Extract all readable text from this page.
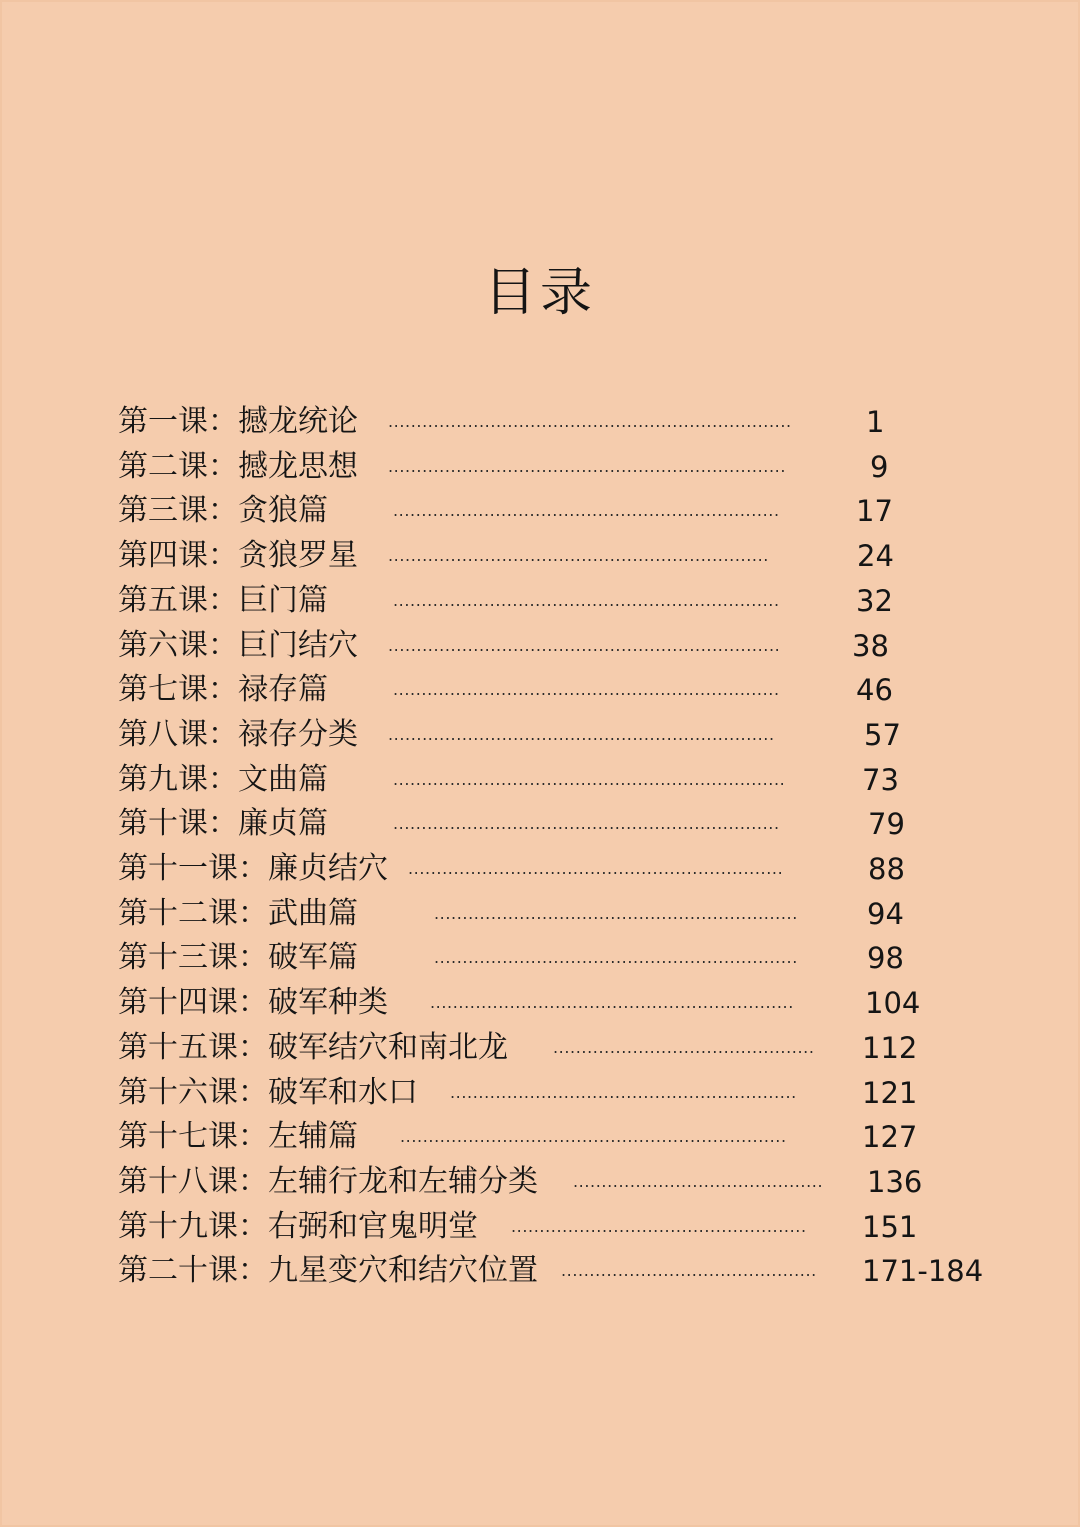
目录
第一课：撼龙统论 .......................................................................	1
第二课：撼龙思想 ......................................................................	9
第三课：贪狼篇	....................................................................	17
第四课：贪狼罗星 ...................................................................	24
第五课：巨门篇	....................................................................	32
第六课：巨门结穴 .....................................................................	38
第七课：禄存篇	....................................................................	46
第八课：禄存分类 ....................................................................	57
第九课：文曲篇	.....................................................................	73
第十课：廉贞篇	....................................................................	79
第十一课：廉贞结穴 ..................................................................	88
第十二课：武曲篇	................................................................	94
第十三课：破军篇	................................................................	98
第十四课：破军种类	................................................................	104
第十五课：破军结穴和南北龙	..............................................	112
第十六课：破军和水口 .............................................................	121
第十七课：左辅篇	....................................................................	127
第十八课：左辅行龙和左辅分类 ............................................	136
第十九课：右弼和官鬼明堂 ....................................................	151
第二十课：九星变穴和结穴位置 .............................................	171-184
